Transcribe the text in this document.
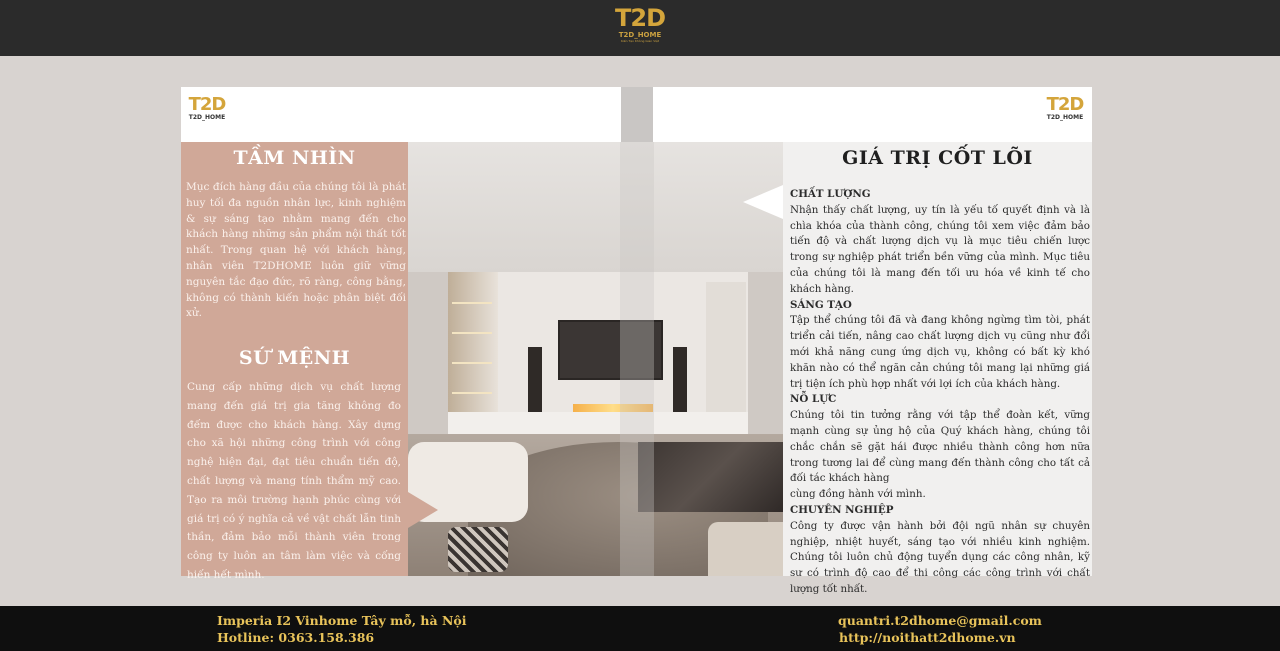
T2D
T2D_HOME
Kiến Tạo Không Gian Việt
T2D
T2D_HOME
T2D
T2D_HOME
TẦM NHÌN

Mục đích hàng đầu của chúng tôi là phát huy tối đa nguồn nhân lực, kinh nghiệm & sự sáng tạo nhằm mang đến cho khách hàng những sản phẩm nội thất tốt nhất. Trong quan hệ với khách hàng, nhân viên T2DHOME luôn giữ vững nguyên tắc đạo đức, rõ ràng, công bằng, không có thành kiến hoặc phân biệt đối xử.

SỨ MỆNH

Cung cấp những dịch vụ chất lượng mang đến giá trị gia tăng không đo đếm được cho khách hàng. Xây dựng cho xã hội những công trình với công nghệ hiện đại, đạt tiêu chuẩn tiến độ, chất lượng và mang tính thẩm mỹ cao. Tạo ra môi trường hạnh phúc cùng với giá trị có ý nghĩa cả về vật chất lẫn tinh thần, đảm bảo mỗi thành viên trong công ty luôn an tâm làm việc và cống hiến hết mình.

GIÁ TRỊ CỐT LÕI
CHẤT LƯỢNG
Nhận thấy chất lượng, uy tín là yếu tố quyết định và là chìa khóa của thành công, chúng tôi xem việc đảm bảo tiến độ và chất lượng dịch vụ là mục tiêu chiến lược trong sự nghiệp phát triển bền vững của mình. Mục tiêu của chúng tôi là mang đến tối ưu hóa về kinh tế cho khách hàng.
SÁNG TẠO
Tập thể chúng tôi đã và đang không ngừng tìm tòi, phát triển cải tiến, nâng cao chất lượng dịch vụ cũng như đổi mới khả năng cung ứng dịch vụ, không có bất kỳ khó khăn nào có thể ngăn cản chúng tôi mang lại những giá trị tiện ích phù hợp nhất với lợi ích của khách hàng.
NỖ LỰC
Chúng tôi tin tưởng rằng với tập thể đoàn kết, vững mạnh cùng sự ủng hộ của Quý khách hàng, chúng tôi chắc chắn sẽ gặt hái được nhiều thành công hơn nữa trong tương lai để cùng mang đến thành công cho tất cả đối tác khách hàng
cùng đồng hành với mình.
CHUYÊN NGHIỆP
Công ty được vận hành bởi đội ngũ nhân sự chuyên nghiệp, nhiệt huyết, sáng tạo với nhiều kinh nghiệm. Chúng tôi luôn chủ động tuyển dụng các công nhân, kỹ sư có trình độ cao để thi công các công trình với chất lượng tốt nhất.
Imperia I2 Vinhome Tây mỗ, hà Nội
Hotline: 0363.158.386
quantri.t2dhome@gmail.com
http://noithatt2dhome.vn
